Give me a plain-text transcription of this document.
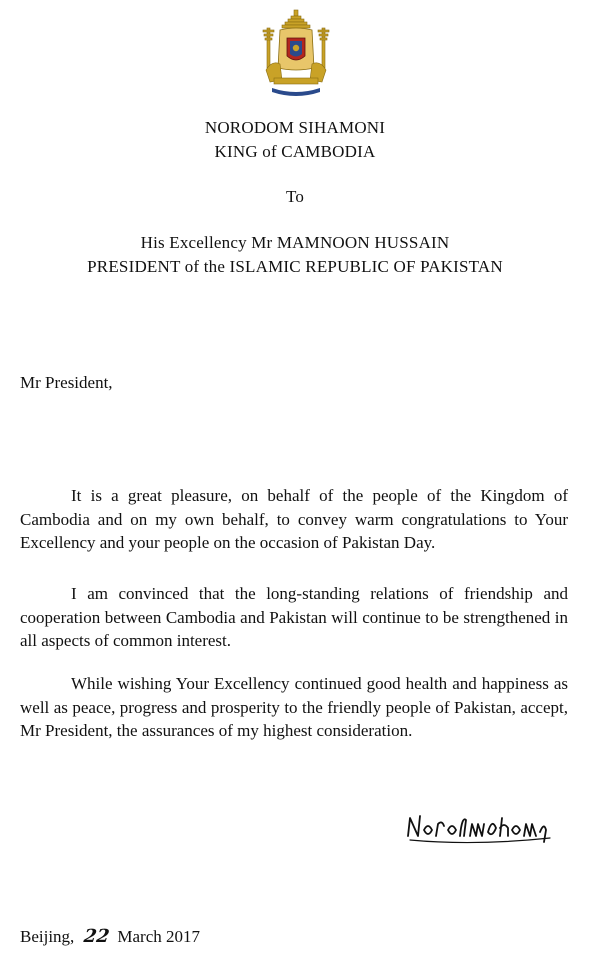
NORODOM SIHAMONI
KING of CAMBODIA
To
His Excellency Mr MAMNOON HUSSAIN
PRESIDENT of the ISLAMIC REPUBLIC OF PAKISTAN
Mr President,

It is a great pleasure, on behalf of the people of the Kingdom of Cambodia and on my own behalf, to convey warm congratulations to Your Excellency and your people on the occasion of Pakistan Day.

I am convinced that the long-standing relations of friendship and cooperation between Cambodia and Pakistan will continue to be strengthened in all aspects of common interest.

While wishing Your Excellency continued good health and happiness as well as peace, progress and prosperity to the friendly people of Pakistan, accept, Mr President, the assurances of my highest consideration.

Beijing, 22 March 2017
